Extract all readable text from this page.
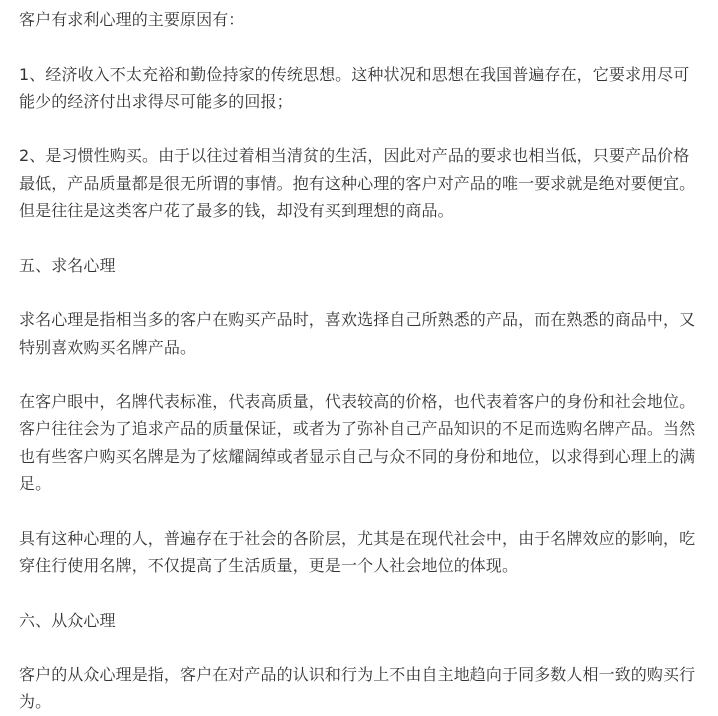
客户有求利心理的主要原因有：

1、经济收入不太充裕和勤俭持家的传统思想。这种状况和思想在我国普遍存在，它要求用尽可能少的经济付出求得尽可能多的回报；

2、是习惯性购买。由于以往过着相当清贫的生活，因此对产品的要求也相当低，只要产品价格最低，产品质量都是很无所谓的事情。抱有这种心理的客户对产品的唯一要求就是绝对要便宜。但是往往是这类客户花了最多的钱，却没有买到理想的商品。

五、求名心理

求名心理是指相当多的客户在购买产品时，喜欢选择自己所熟悉的产品，而在熟悉的商品中，又特别喜欢购买名牌产品。

在客户眼中，名牌代表标准，代表高质量，代表较高的价格，也代表着客户的身份和社会地位。客户往往会为了追求产品的质量保证，或者为了弥补自己产品知识的不足而选购名牌产品。当然也有些客户购买名牌是为了炫耀阔绰或者显示自己与众不同的身份和地位，以求得到心理上的满足。

具有这种心理的人，普遍存在于社会的各阶层，尤其是在现代社会中，由于名牌效应的影响，吃穿住行使用名牌，不仅提高了生活质量，更是一个人社会地位的体现。

六、从众心理

客户的从众心理是指，客户在对产品的认识和行为上不由自主地趋向于同多数人相一致的购买行为。
